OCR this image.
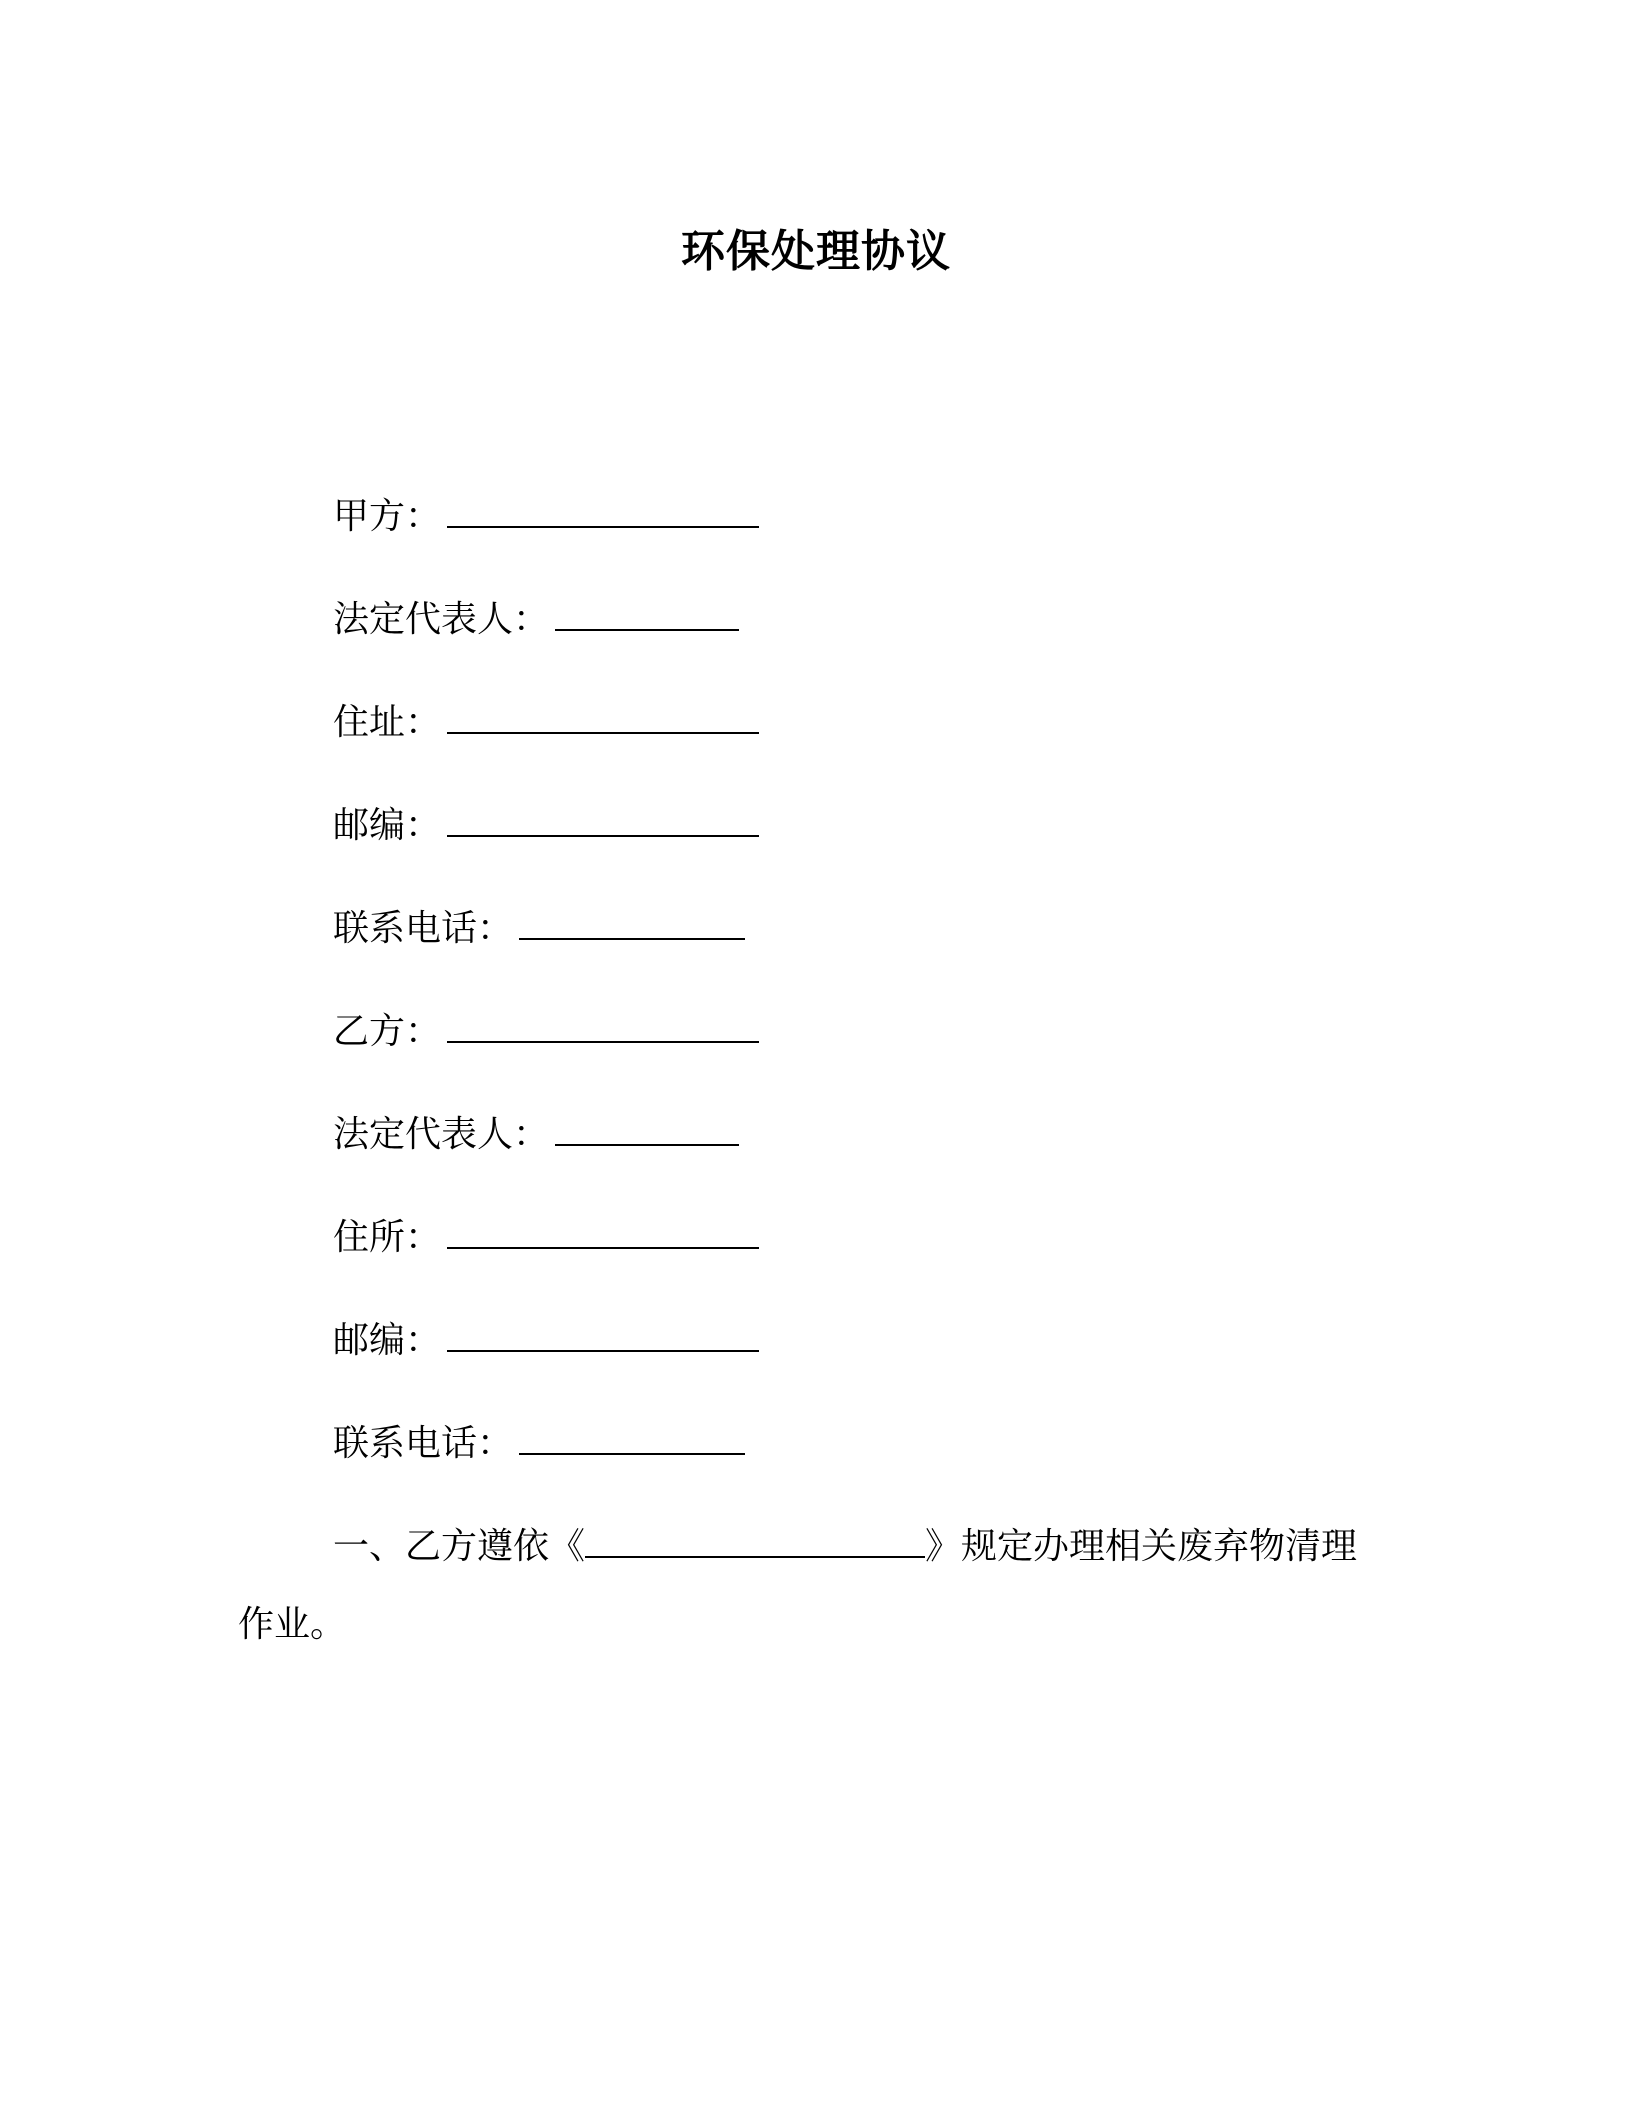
环保处理协议
甲方：
法定代表人：
住址：
邮编：
联系电话：
乙方：
法定代表人：
住所：
邮编：
联系电话：
一、乙方遵依《	》规定办理相关废弃物清理
作业。
